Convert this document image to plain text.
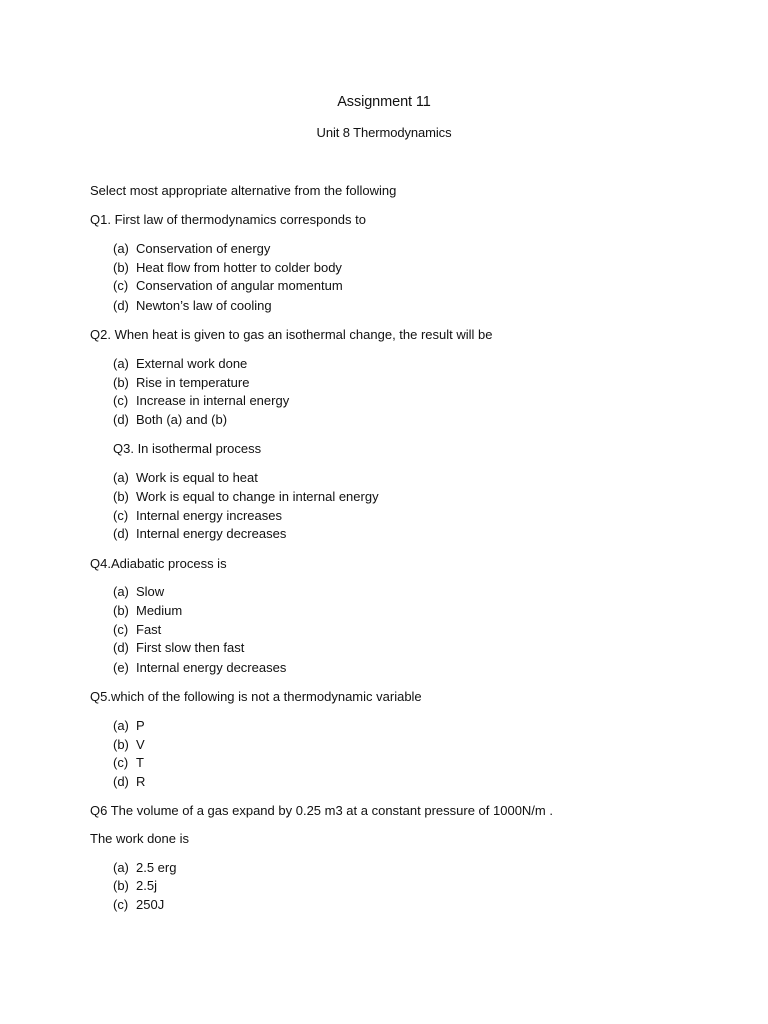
Assignment 11
Unit 8 Thermodynamics
Select most appropriate alternative from the following
Q1. First law of thermodynamics corresponds to
(a) Conservation of energy
(b) Heat flow from hotter to colder body
(c) Conservation of angular momentum
(d) Newton’s law of cooling
Q2. When heat is given to gas an isothermal change, the result will be
(a) External work done
(b) Rise in temperature
(c) Increase in internal energy
(d) Both (a) and (b)
Q3. In isothermal process
(a) Work is equal to heat
(b) Work is equal to change in internal energy
(c) Internal energy increases
(d) Internal energy decreases
Q4.Adiabatic process is
(a) Slow
(b) Medium
(c) Fast
(d) First slow then fast
(e) Internal energy decreases
Q5.which of the following is not a thermodynamic variable
(a) P
(b) V
(c) T
(d) R
Q6 The volume of a gas expand by 0.25 m3 at a constant pressure of 1000N/m .
The work done is
(a) 2.5 erg
(b) 2.5j
(c) 250J
